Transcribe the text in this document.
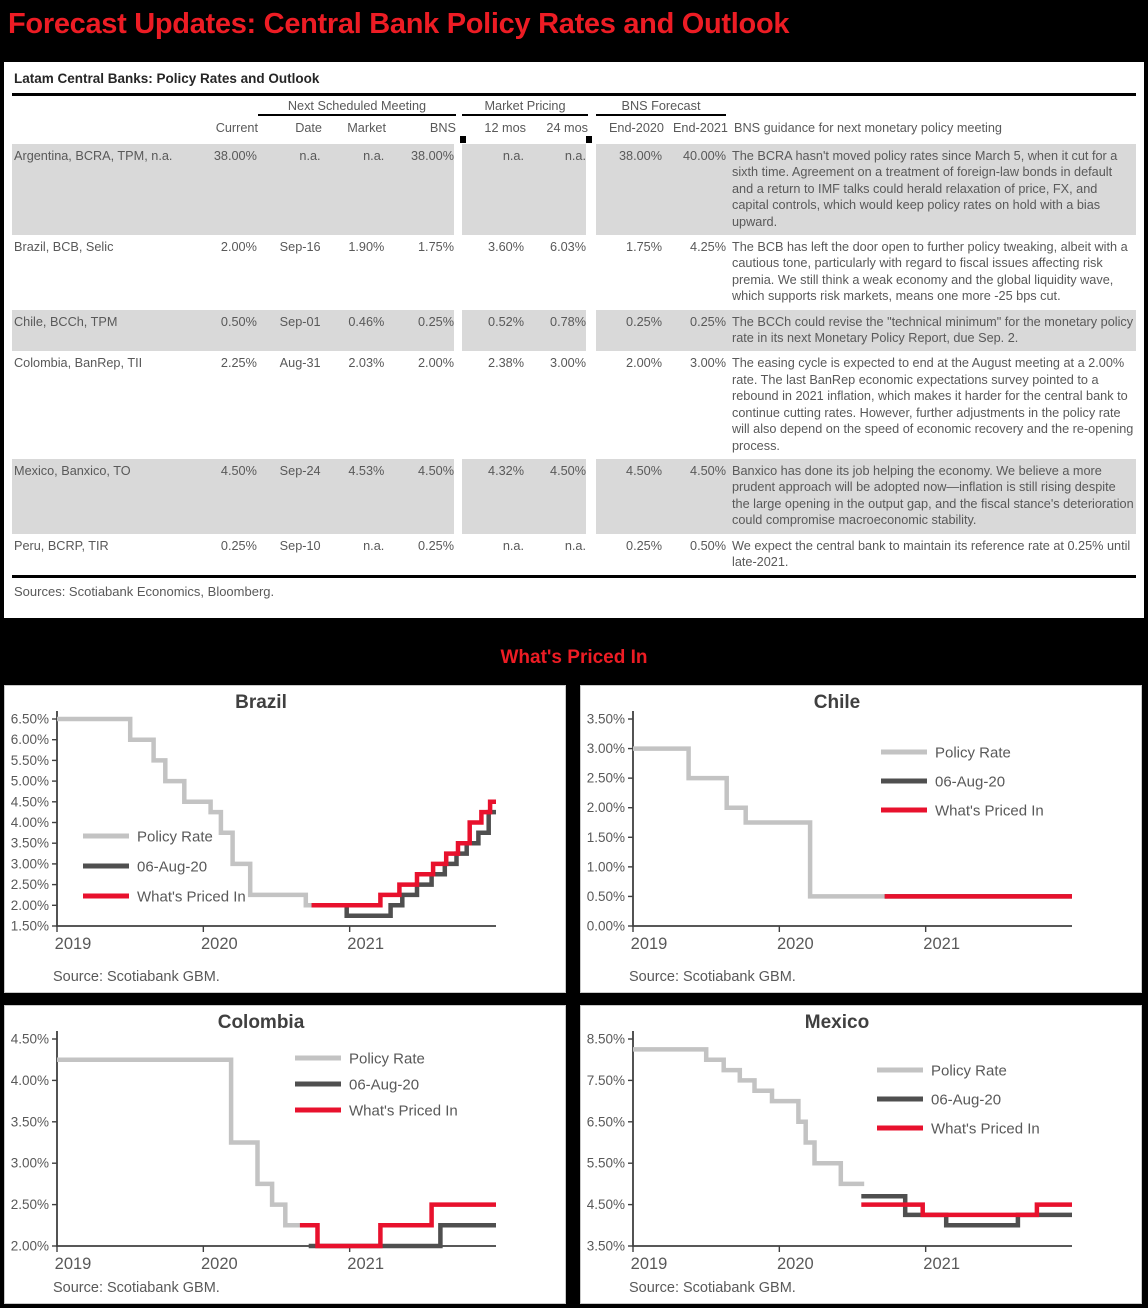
Forecast Updates: Central Bank Policy Rates and Outlook
Latam Central Banks: Policy Rates and Outlook
Next Scheduled Meeting	Market Pricing	BNS Forecast
Current	Date	Market	BNS	12 mos	24 mos	End-2020 End-2021 BNS guidance for next monetary policy meeting
Argentina, BCRA, TPM, n.a.	38.00%	n.a.	n.a.	38.00%	n.a.	n.a.	38.00%	40.00% The BCRA hasn't moved policy rates since March 5, when it cut for a sixth time. Agreement on a treatment of foreign-law bonds in default and a return to IMF talks could herald relaxation of price, FX, and capital controls, which would keep policy rates on hold with a bias upward.
Brazil, BCB, Selic	2.00%	Sep-16	1.90%	1.75%	3.60%	6.03%	1.75%	4.25% The BCB has left the door open to further policy tweaking, albeit with a cautious tone, particularly with regard to fiscal issues affecting risk premia. We still think a weak economy and the global liquidity wave, which supports risk markets, means one more -25 bps cut.
Chile, BCCh, TPM	0.50%	Sep-01	0.46%	0.25%	0.52%	0.78%	0.25%	0.25% The BCCh could revise the "technical minimum" for the monetary policy rate in its next Monetary Policy Report, due Sep. 2.
Colombia, BanRep, TII	2.25%	Aug-31	2.03%	2.00%	2.38%	3.00%	2.00%	3.00% The easing cycle is expected to end at the August meeting at a 2.00% rate. The last BanRep economic expectations survey pointed to a rebound in 2021 inflation, which makes it harder for the central bank to continue cutting rates. However, further adjustments in the policy rate will also depend on the speed of economic recovery and the re-opening process.
Mexico, Banxico, TO	4.50%	Sep-24	4.53%	4.50%	4.32%	4.50%	4.50%	4.50% Banxico has done its job helping the economy. We believe a more prudent approach will be adopted now—inflation is still rising despite the large opening in the output gap, and the fiscal stance's deterioration could compromise macroeconomic stability.
Peru, BCRP, TIR	0.25%	Sep-10	n.a.	0.25%	n.a.	n.a.	0.25%	0.50% We expect the central bank to maintain its reference rate at 0.25% until late-2021.
Sources: Scotiabank Economics, Bloomberg.
What's Priced In
6.50%
6.00%
5.50%
5.00%
4.50%
4.00%
3.50%
3.00%
2.50%
2.00%
1.50%
2019	2020	2021
Brazil
Policy Rate
06-Aug-20
What's Priced In
Source: Scotiabank GBM.
3.50%
3.00%
2.50%
2.00%
1.50%
1.00%
0.50%
0.00%
2019	2020	2021
Chile
Policy Rate
06-Aug-20
What's Priced In
Source: Scotiabank GBM.
4.50%
4.00%
3.50%
3.00%
2.50%
2.00%
2019	2020	2021
Colombia
Policy Rate
06-Aug-20
What's Priced In
Source: Scotiabank GBM.
8.50%
7.50%
6.50%
5.50%
4.50%
3.50%
2019	2020	2021
Mexico
Policy Rate
06-Aug-20
What's Priced In
Source: Scotiabank GBM.
